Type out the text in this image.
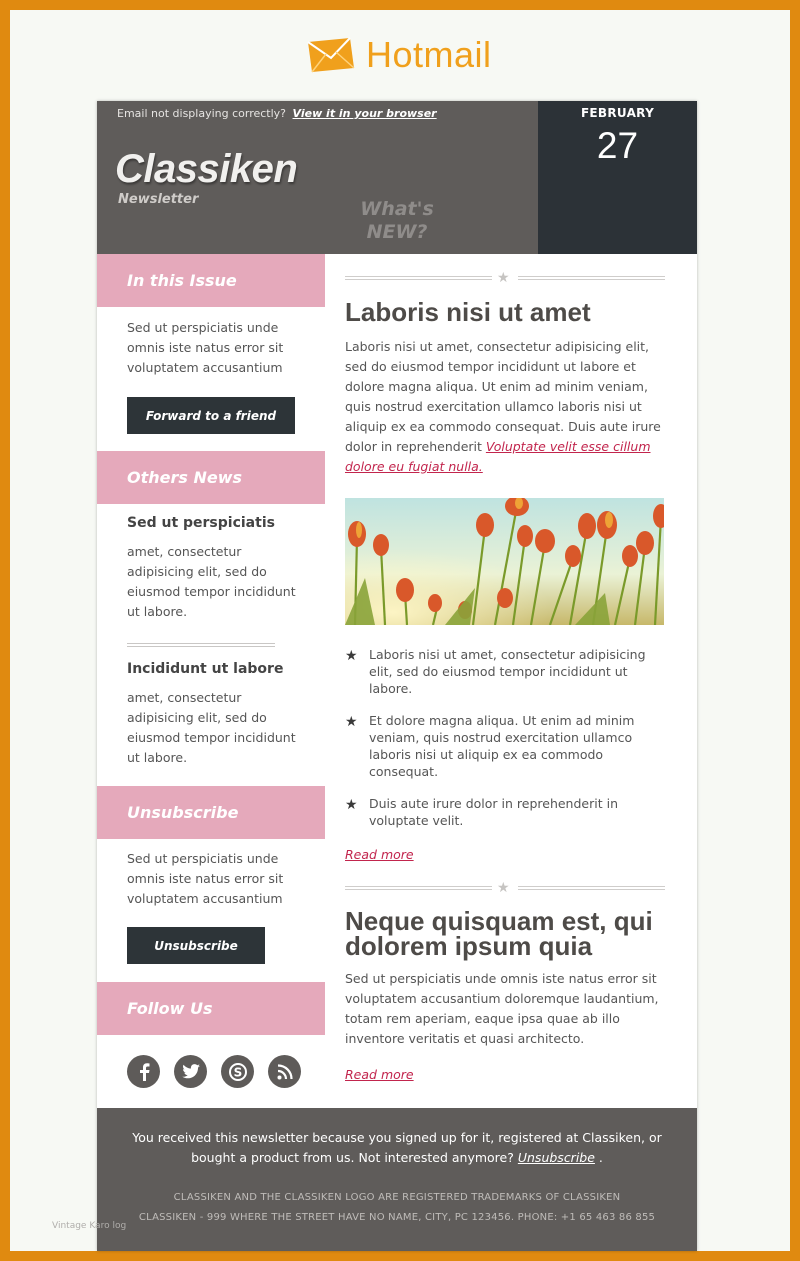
Hotmail
Email not displaying correctly? View it in your browser
Classiken
Newsletter	What's NEW?
FEBRUARY
27
In this Issue

Sed ut perspiciatis unde omnis iste natus error sit voluptatem accusantium

Forward to a friend
Others News
Sed ut perspiciatis

amet, consectetur adipisicing elit, sed do eiusmod tempor incididunt ut labore.

Incididunt ut labore

amet, consectetur adipisicing elit, sed do eiusmod tempor incididunt ut labore.

Unsubscribe

Sed ut perspiciatis unde omnis iste natus error sit voluptatem accusantium

Unsubscribe
Follow Us
S
★
Laboris nisi ut amet

Laboris nisi ut amet, consectetur adipisicing elit, sed do eiusmod tempor incididunt ut labore et dolore magna aliqua. Ut enim ad minim veniam, quis nostrud exercitation ullamco laboris nisi ut aliquip ex ea commodo consequat. Duis aute irure dolor in reprehenderit Voluptate velit esse cillum dolore eu fugiat nulla.

★ Laboris nisi ut amet, consectetur adipisicing elit, sed do eiusmod tempor incididunt ut labore.
★ Et dolore magna aliqua. Ut enim ad minim veniam, quis nostrud exercitation ullamco laboris nisi ut aliquip ex ea commodo consequat.
★ Duis aute irure dolor in reprehenderit in voluptate velit.
Read more
★
Neque quisquam est, qui dolorem ipsum quia

Sed ut perspiciatis unde omnis iste natus error sit voluptatem accusantium doloremque laudantium, totam rem aperiam, eaque ipsa quae ab illo inventore veritatis et quasi architecto.

Read more
You received this newsletter because you signed up for it, registered at Classiken, or bought a product from us. Not interested anymore? Unsubscribe .
CLASSIKEN AND THE CLASSIKEN LOGO ARE REGISTERED TRADEMARKS OF CLASSIKEN
CLASSIKEN - 999 WHERE THE STREET HAVE NO NAME, CITY, PC 123456. PHONE: +1 65 463 86 855
Vintage Karo log
